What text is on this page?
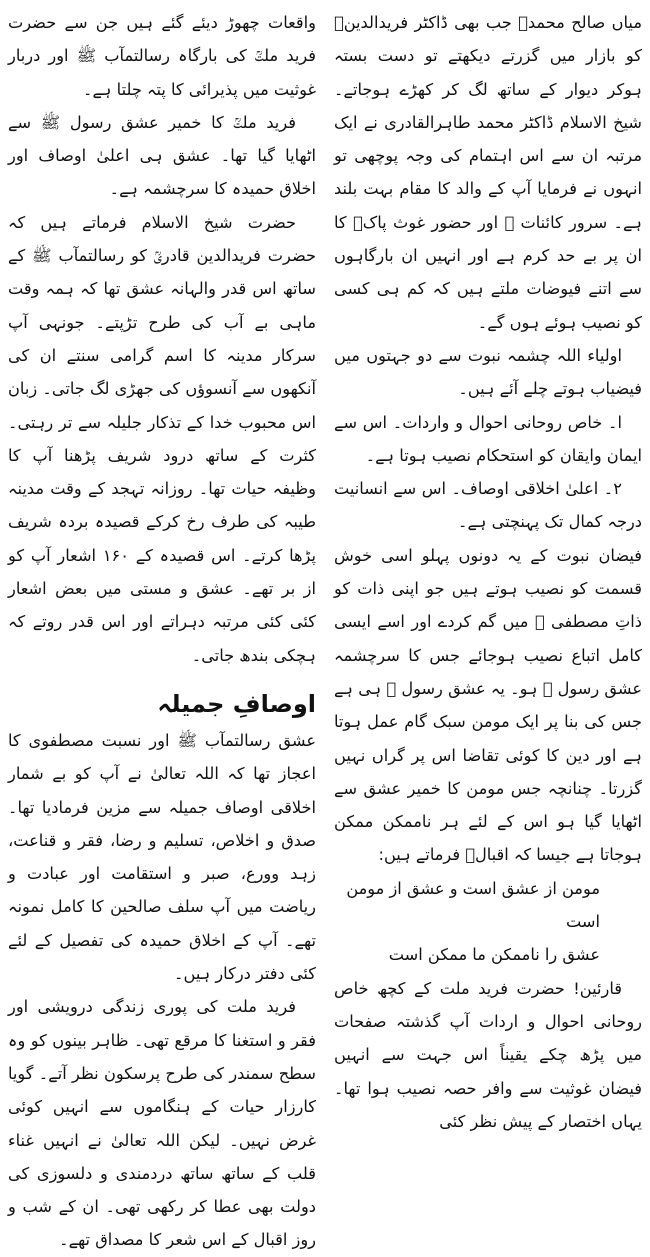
میاں صالح محمدؒ جب بھی ڈاکٹر فریدالدینؒ کو بازار میں گزرتے دیکھتے تو دست بستہ ہوکر دیوار کے ساتھ لگ کر کھڑے ہوجاتے۔ شیخ الاسلام ڈاکٹر محمد طاہرالقادری نے ایک مرتبہ ان سے اس اہتمام کی وجہ پوچھی تو انہوں نے فرمایا آپ کے والد کا مقام بہت بلند ہے۔ سرور کائنات ﷺ اور حضور غوث پاکؓ کا ان پر بے حد کرم ہے اور انہیں ان بارگاہوں سے اتنے فیوضات ملتے ہیں کہ کم ہی کسی کو نصیب ہوئے ہوں گے۔

اولیاء اللہ چشمہ نبوت سے دو جہتوں میں فیضیاب ہوتے چلے آئے ہیں۔

ا۔ خاص روحانی احوال و واردات۔ اس سے ایمان وایقان کو استحکام نصیب ہوتا ہے۔

۲۔ اعلیٰ اخلاقی اوصاف۔ اس سے انسانیت درجہ کمال تک پہنچتی ہے۔

فیضان نبوت کے یہ دونوں پہلو اسی خوش قسمت کو نصیب ہوتے ہیں جو اپنی ذات کو ذاتِ مصطفی ﷺ میں گم کردے اور اسے ایسی کامل اتباع نصیب ہوجائے جس کا سرچشمہ عشق رسول ﷺ ہو۔ یہ عشق رسول ﷺ ہی ہے جس کی بنا پر ایک مومن سبک گام عمل ہوتا ہے اور دین کا کوئی تقاضا اس پر گراں نہیں گزرتا۔ چنانچہ جس مومن کا خمیر عشق سے اٹھایا گیا ہو اس کے لئے ہر ناممکن ممکن ہوجاتا ہے جیسا کہ اقبالؒ فرماتے ہیں:

مومن از عشق است و عشق از مومن است

عشق را ناممکن ما ممکن است

قارئین! حضرت فرید ملت کے کچھ خاص روحانی احوال و اردات آپ گذشتہ صفحات میں پڑھ چکے یقیناً اس جہت سے انہیں فیضان غوثیت سے وافر حصہ نصیب ہوا تھا۔ یہاں اختصار کے پیش نظر کئی

واقعات چھوڑ دیئے گئے ہیں جن سے حضرت فرید ملتؒ کی بارگاہ رسالتمآب ﷺ اور دربار غوثیت میں پذیرائی کا پتہ چلتا ہے۔

فرید ملتؒ کا خمیر عشق رسول ﷺ سے اٹھایا گیا تھا۔ عشق ہی اعلیٰ اوصاف اور اخلاق حمیدہ کا سرچشمہ ہے۔

حضرت شیخ الاسلام فرماتے ہیں کہ حضرت فریدالدین قادریؒ کو رسالتمآب ﷺ کے ساتھ اس قدر والہانہ عشق تھا کہ ہمہ وقت ماہی بے آب کی طرح تڑپتے۔ جونہی آپ سرکار مدینہ کا اسم گرامی سنتے ان کی آنکھوں سے آنسوؤں کی جھڑی لگ جاتی۔ زبان اس محبوب خدا کے تذکار جلیلہ سے تر رہتی۔ کثرت کے ساتھ درود شریف پڑھنا آپ کا وظیفہ حیات تھا۔ روزانہ تہجد کے وقت مدینہ طیبہ کی طرف رخ کرکے قصیدہ بردہ شریف پڑھا کرتے۔ اس قصیدہ کے ۱۶۰ اشعار آپ کو از بر تھے۔ عشق و مستی میں بعض اشعار کئی کئی مرتبہ دہراتے اور اس قدر روتے کہ ہچکی بندھ جاتی۔

اوصافِ جمیلہ

عشق رسالتمآب ﷺ اور نسبت مصطفوی کا اعجاز تھا کہ اللہ تعالیٰ نے آپ کو بے شمار اخلاقی اوصاف جمیلہ سے مزین فرمادیا تھا۔ صدق و اخلاص، تسلیم و رضا، فقر و قناعت، زہد وورع، صبر و استقامت اور عبادت و ریاضت میں آپ سلف صالحین کا کامل نمونہ تھے۔ آپ کے اخلاق حمیدہ کی تفصیل کے لئے کئی دفتر درکار ہیں۔

فرید ملت کی پوری زندگی درویشی اور فقر و استغنا کا مرقع تھی۔ ظاہر بینوں کو وہ سطح سمندر کی طرح پرسکون نظر آتے۔ گویا کارزار حیات کے ہنگاموں سے انہیں کوئی غرض نہیں۔ لیکن اللہ تعالیٰ نے انہیں غناء قلب کے ساتھ ساتھ دردمندی و دلسوزی کی دولت بھی عطا کر رکھی تھی۔ ان کے شب و روز اقبال کے اس شعر کا مصداق تھے۔
